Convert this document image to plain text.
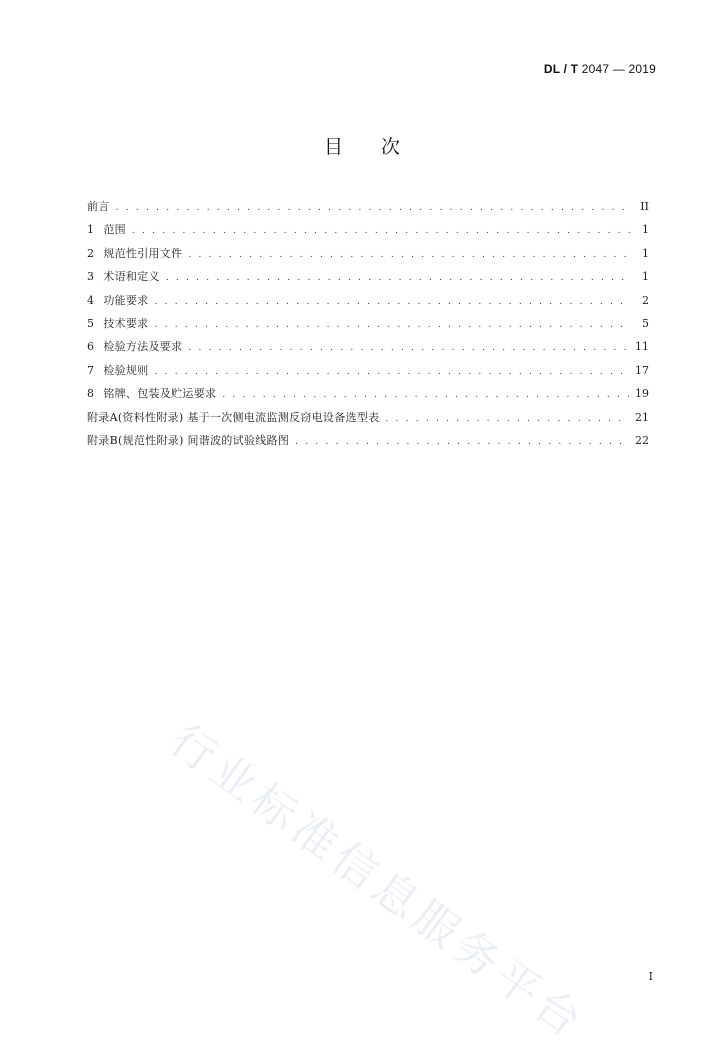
DL / T 2047 — 2019
目次
前言 . . .	II
1 范围 . . .	1
2 规范性引用文件 . . .	1
3 术语和定义 . . .	1
4 功能要求 . . .	2
5 技术要求 . . .	5
6 检验方法及要求 . . .	11
7 检验规则 . . .	17
8 铭牌、包装及贮运要求 . . .	19
附录A(资料性附录) 基于一次侧电流监测反窃电设备选型表 . . .	21
附录B(规范性附录) 间谐波的试验线路图 . . .	22
行业标准信息服务平台	I
